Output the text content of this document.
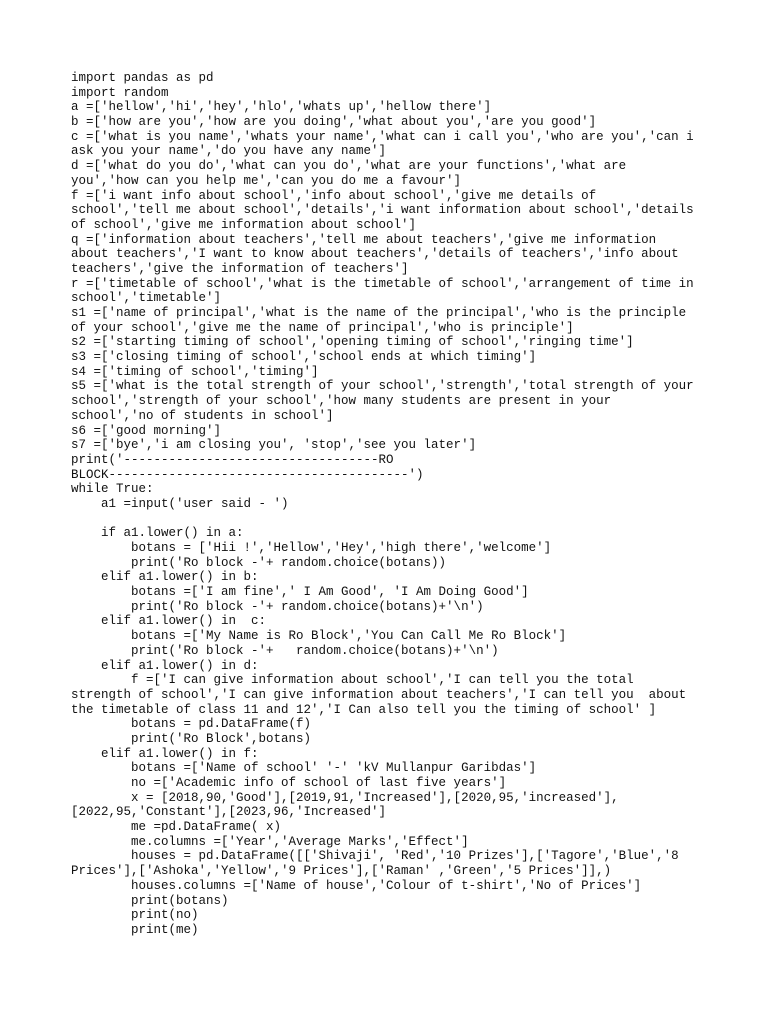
import pandas as pd
import random
a =['hellow','hi','hey','hlo','whats up','hellow there']
b =['how are you','how are you doing','what about you','are you good']
c =['what is you name','whats your name','what can i call you','who are you','can i
ask you your name','do you have any name']
d =['what do you do','what can you do','what are your functions','what are
you','how can you help me','can you do me a favour']
f =['i want info about school','info about school','give me details of
school','tell me about school','details','i want information about school','details
of school','give me information about school']
q =['information about teachers','tell me about teachers','give me information
about teachers','I want to know about teachers','details of teachers','info about
teachers','give the information of teachers']
r =['timetable of school','what is the timetable of school','arrangement of time in
school','timetable']
s1 =['name of principal','what is the name of the principal','who is the principle
of your school','give me the name of principal','who is principle']
s2 =['starting timing of school','opening timing of school','ringing time']
s3 =['closing timing of school','school ends at which timing']
s4 =['timing of school','timing']
s5 =['what is the total strength of your school','strength','total strength of your
school','strength of your school','how many students are present in your
school','no of students in school']
s6 =['good morning']
s7 =['bye','i am closing you', 'stop','see you later']
print('----------------------------------RO
BLOCK----------------------------------------')
while True:
a1 =input('user said - ')
if a1.lower() in a:
botans = ['Hii !','Hellow','Hey','high there','welcome']
print('Ro block -'+ random.choice(botans))
elif a1.lower() in b:
botans =['I am fine',' I Am Good', 'I Am Doing Good']
print('Ro block -'+ random.choice(botans)+'\n')
elif a1.lower() in  c:
botans =['My Name is Ro Block','You Can Call Me Ro Block']
print('Ro block -'+   random.choice(botans)+'\n')
elif a1.lower() in d:
f =['I can give information about school','I can tell you the total
strength of school','I can give information about teachers','I can tell you  about
the timetable of class 11 and 12','I Can also tell you the timing of school' ]
botans = pd.DataFrame(f)
print('Ro Block',botans)
elif a1.lower() in f:
botans =['Name of school' '-' 'kV Mullanpur Garibdas']
no =['Academic info of school of last five years']
x = [2018,90,'Good'],[2019,91,'Increased'],[2020,95,'increased'],
[2022,95,'Constant'],[2023,96,'Increased']
me =pd.DataFrame( x)
me.columns =['Year','Average Marks','Effect']
houses = pd.DataFrame([['Shivaji', 'Red','10 Prizes'],['Tagore','Blue','8
Prices'],['Ashoka','Yellow','9 Prices'],['Raman' ,'Green','5 Prices']],)
houses.columns =['Name of house','Colour of t-shirt','No of Prices']
print(botans)
print(no)
print(me)
